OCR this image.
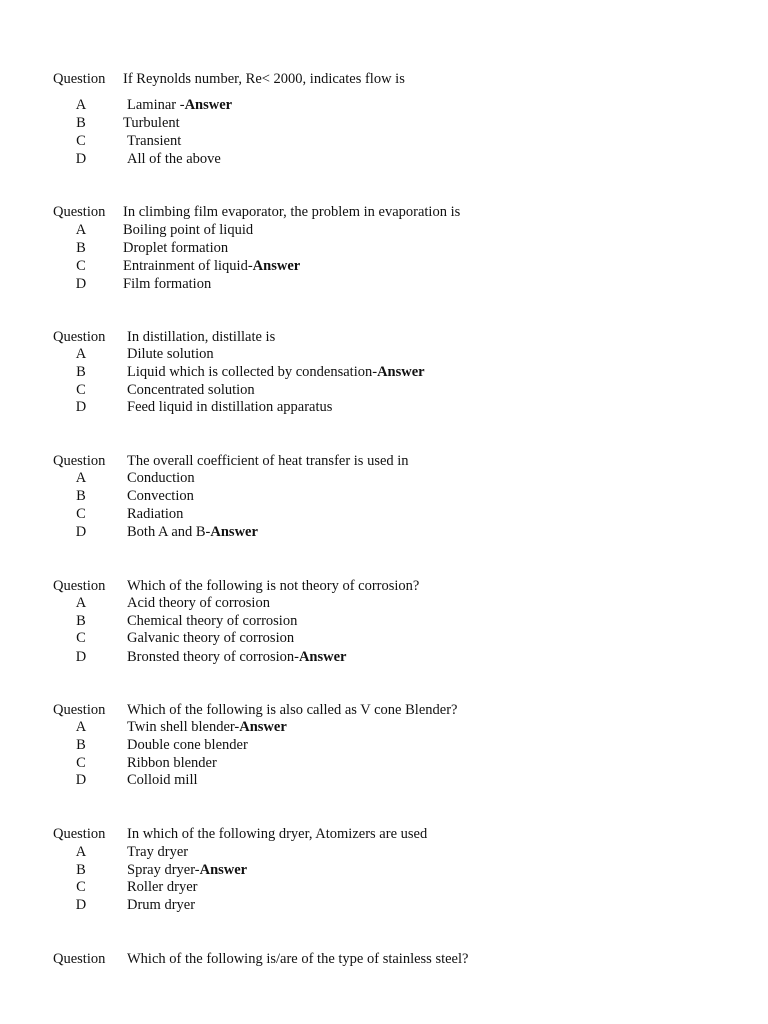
Question If Reynolds number, Re< 2000, indicates flow is
A	Laminar -Answer
B	Turbulent
C	Transient
D	All of the above
Question In climbing film evaporator, the problem in evaporation is
A	Boiling point of liquid
B	Droplet formation
C	Entrainment of liquid-Answer
D	Film formation
Question In distillation, distillate is
A	Dilute solution
B	Liquid which is collected by condensation-Answer
C	Concentrated solution
D	Feed liquid in distillation apparatus
Question The overall coefficient of heat transfer is used in
A	Conduction
B	Convection
C	Radiation
D	Both A and B-Answer
Question Which of the following is not theory of corrosion?
A	Acid theory of corrosion
B	Chemical theory of corrosion
C	Galvanic theory of corrosion
D	Bronsted theory of corrosion-Answer
Question Which of the following is also called as V cone Blender?
A	Twin shell blender-Answer
B	Double cone blender
C	Ribbon blender
D	Colloid mill
Question In which of the following dryer, Atomizers are used
A	Tray dryer
B	Spray dryer-Answer
C	Roller dryer
D	Drum dryer
Question Which of the following is/are of the type of stainless steel?
